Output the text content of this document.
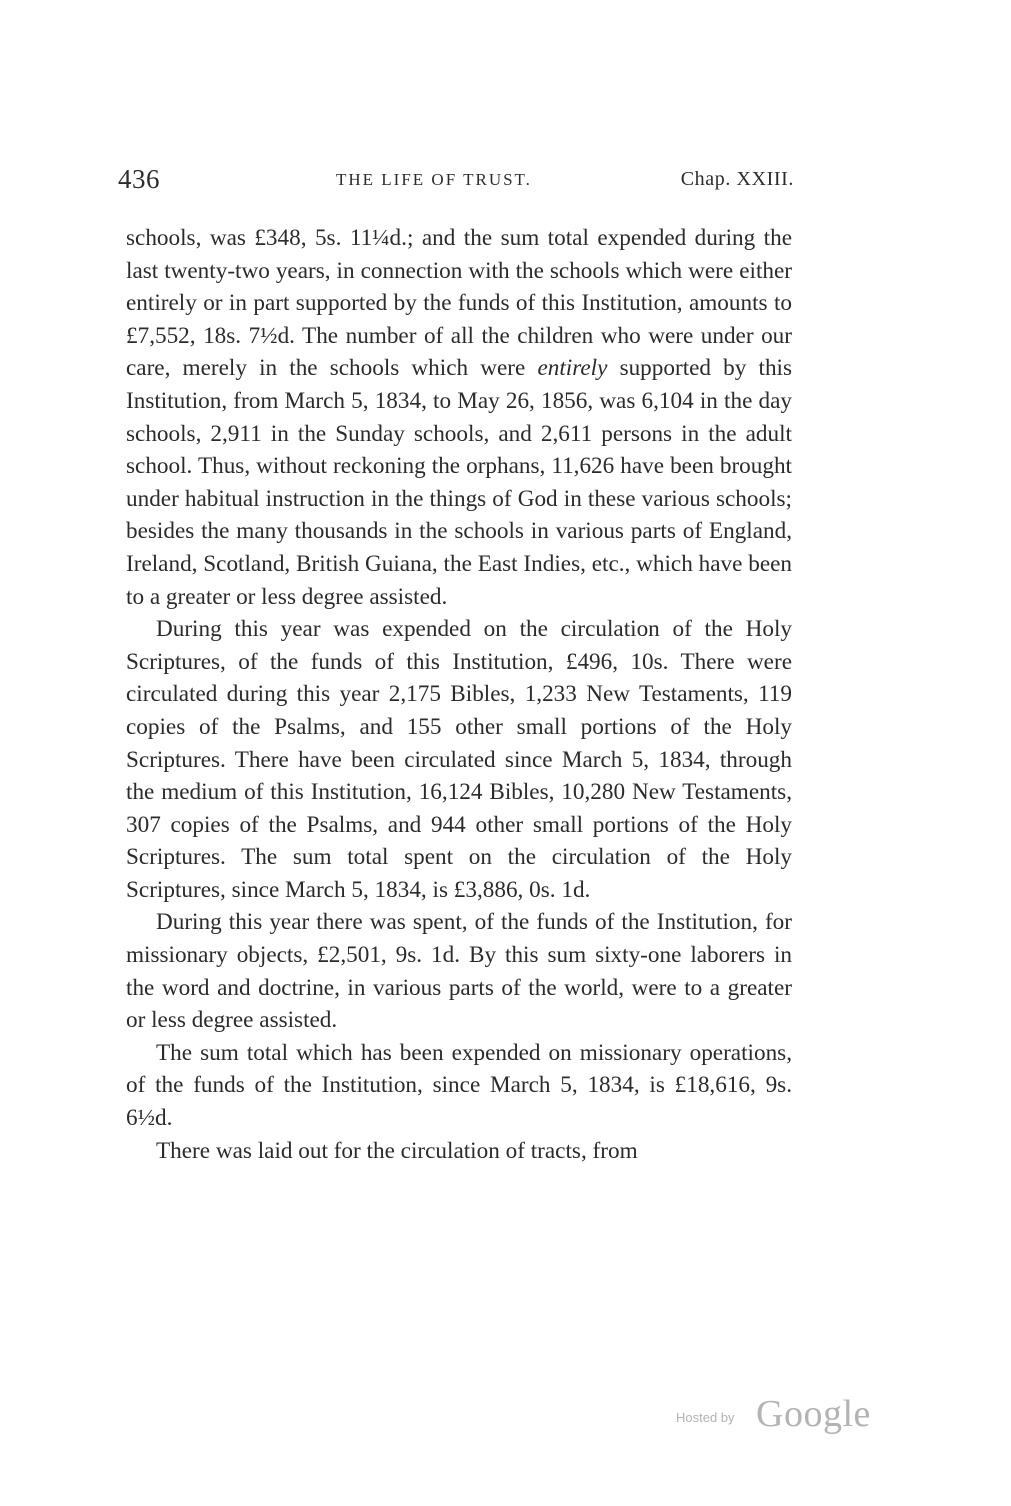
436	THE LIFE OF TRUST.	Chap. XXIII.

schools, was £348, 5s. 11¼d.; and the sum total expended during the last twenty-two years, in connection with the schools which were either entirely or in part supported by the funds of this Institution, amounts to £7,552, 18s. 7½d. The number of all the children who were under our care, merely in the schools which were entirely supported by this Institution, from March 5, 1834, to May 26, 1856, was 6,104 in the day schools, 2,911 in the Sunday schools, and 2,611 persons in the adult school. Thus, without reckoning the orphans, 11,626 have been brought under habitual instruction in the things of God in these various schools; besides the many thousands in the schools in various parts of England, Ireland, Scotland, British Guiana, the East Indies, etc., which have been to a greater or less degree assisted.

During this year was expended on the circulation of the Holy Scriptures, of the funds of this Institution, £496, 10s. There were circulated during this year 2,175 Bibles, 1,233 New Testaments, 119 copies of the Psalms, and 155 other small portions of the Holy Scriptures. There have been circulated since March 5, 1834, through the medium of this Institution, 16,124 Bibles, 10,280 New Testaments, 307 copies of the Psalms, and 944 other small portions of the Holy Scriptures. The sum total spent on the circulation of the Holy Scriptures, since March 5, 1834, is £3,886, 0s. 1d.

During this year there was spent, of the funds of the Institution, for missionary objects, £2,501, 9s. 1d. By this sum sixty-one laborers in the word and doctrine, in various parts of the world, were to a greater or less degree assisted.

The sum total which has been expended on missionary operations, of the funds of the Institution, since March 5, 1834, is £18,616, 9s. 6½d.

There was laid out for the circulation of tracts, from

Hosted by Google
